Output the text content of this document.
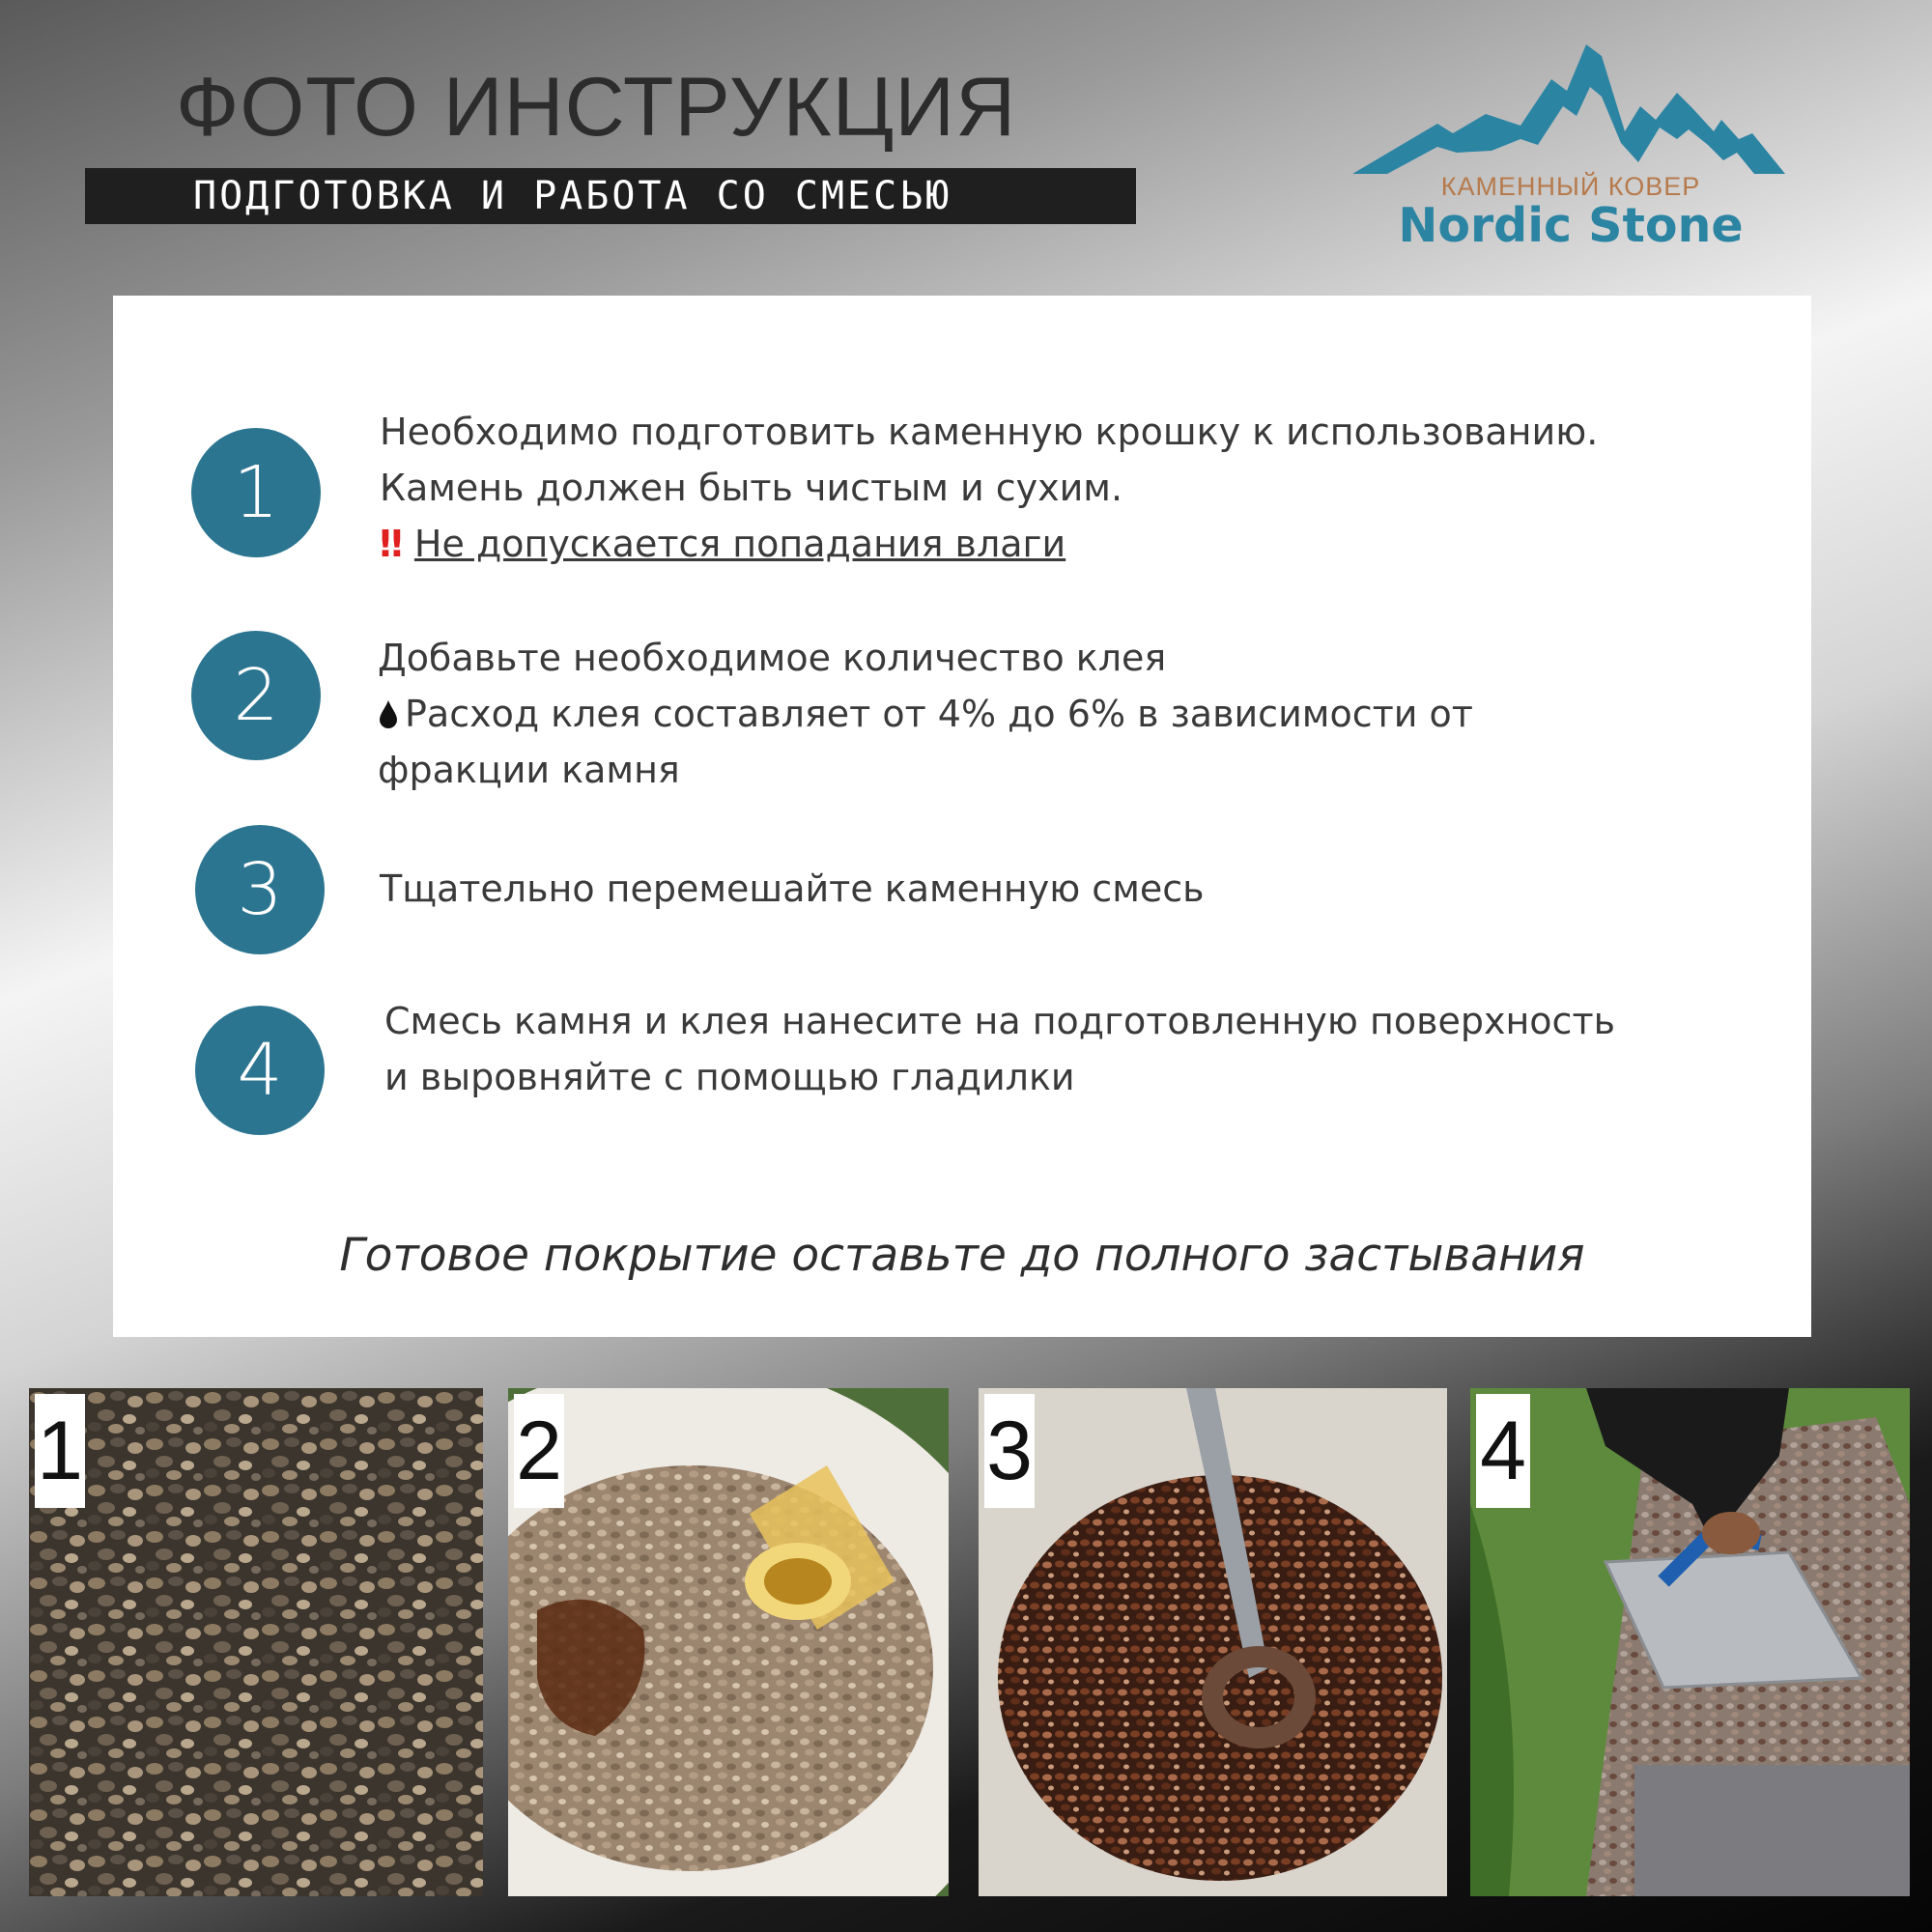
ФОТО ИНСТРУКЦИЯ
ПОДГОТОВКА И РАБОТА СО СМЕСЬЮ	КАМЕННЫЙ КОВЕР
Nordic Stone
1
Необходимо подготовить каменную крошку к использованию.
Камень должен быть чистым и сухим.
‼ Не допускается попадания влаги
2	Добавьте необходимое количество клея
Расход клея составляет от 4% до 6% в зависимости от
фракции камня
3	Тщательно перемешайте каменную смесь
4
Смесь камня и клея нанесите на подготовленную поверхность
и выровняйте с помощью гладилки
Готовое покрытие оставьте до полного застывания
1	2	3	4
